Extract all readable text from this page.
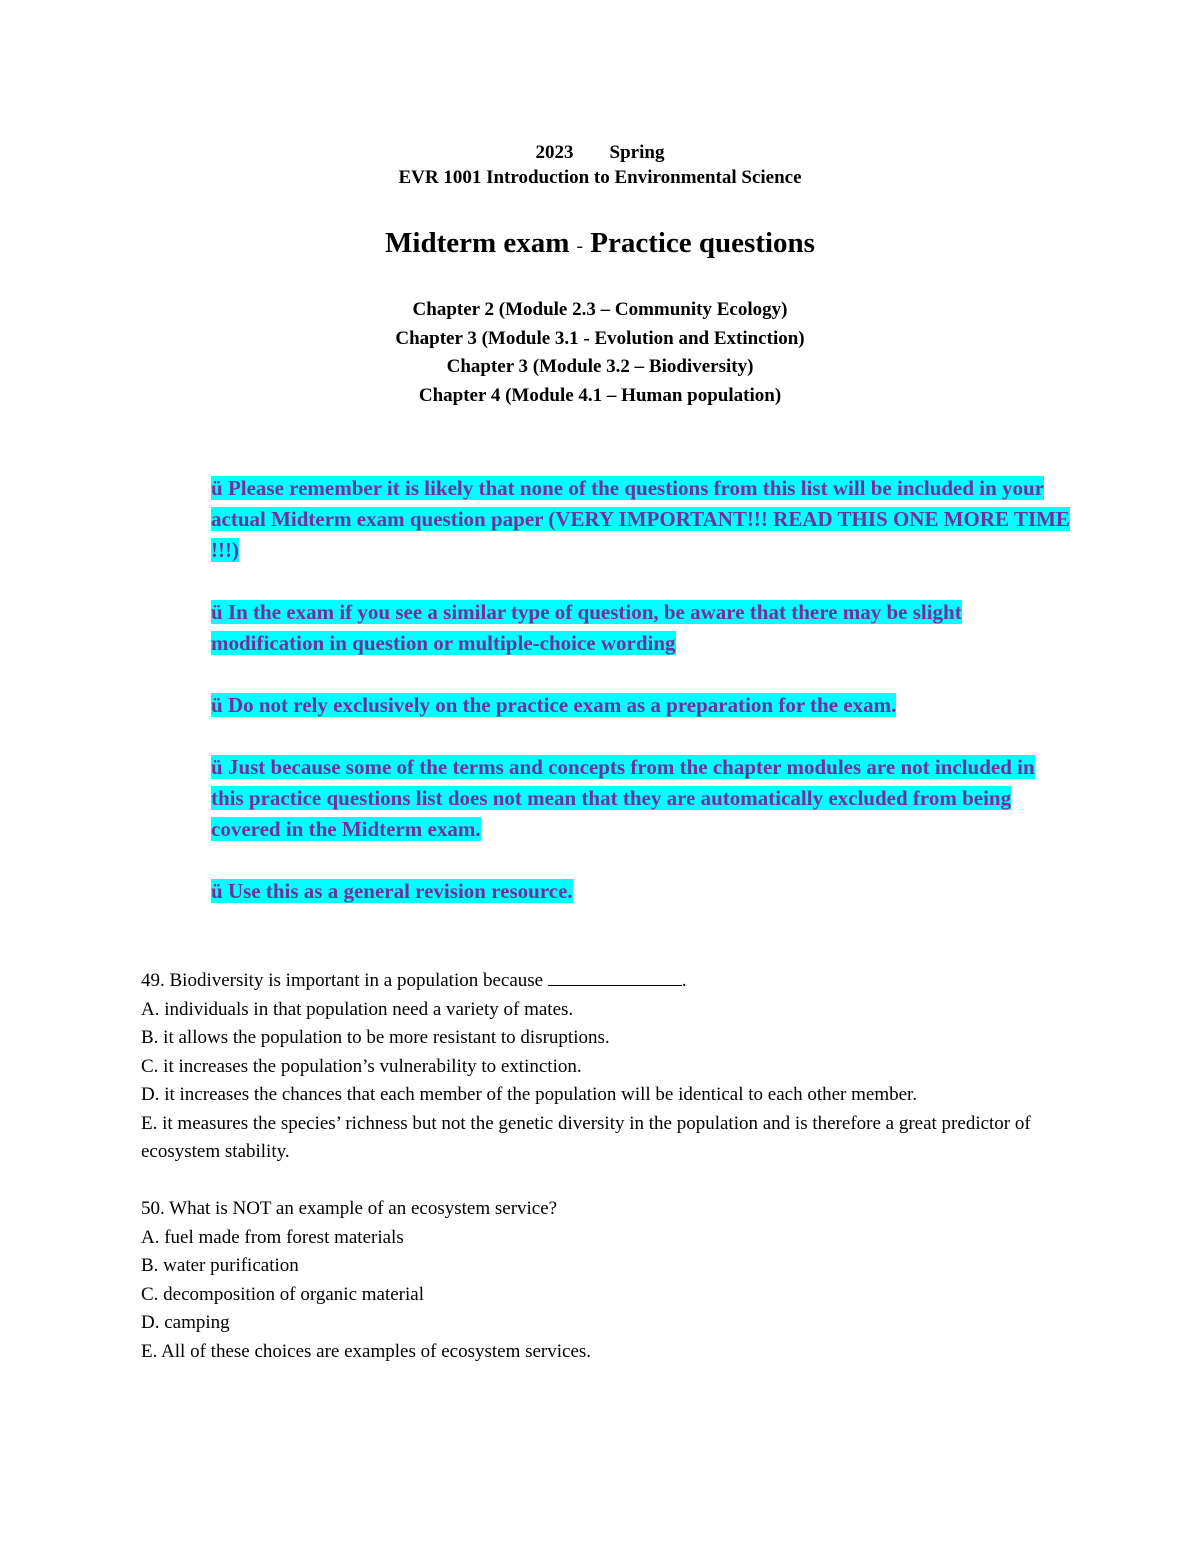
2023 Spring
EVR 1001 Introduction to Environmental Science
Midterm exam - Practice questions
Chapter 2 (Module 2.3 – Community Ecology)
Chapter 3 (Module 3.1 - Evolution and Extinction)
Chapter 3 (Module 3.2 – Biodiversity)
Chapter 4 (Module 4.1 – Human population)
ü Please remember it is likely that none of the questions from this list will be included in your actual Midterm exam question paper (VERY IMPORTANT!!! READ THIS ONE MORE TIME !!!)
ü In the exam if you see a similar type of question, be aware that there may be slight modification in question or multiple-choice wording
ü Do not rely exclusively on the practice exam as a preparation for the exam.
ü Just because some of the terms and concepts from the chapter modules are not included in this practice questions list does not mean that they are automatically excluded from being covered in the Midterm exam.
ü Use this as a general revision resource.

49. Biodiversity is important in a population because	.

A. individuals in that population need a variety of mates.
B. it allows the population to be more resistant to disruptions.
C. it increases the population’s vulnerability to extinction.
D. it increases the chances that each member of the population will be identical to each other member.
E. it measures the species’ richness but not the genetic diversity in the population and is therefore a great predictor of ecosystem stability.

50. What is NOT an example of an ecosystem service?

A. fuel made from forest materials
B. water purification
C. decomposition of organic material
D. camping
E. All of these choices are examples of ecosystem services.
